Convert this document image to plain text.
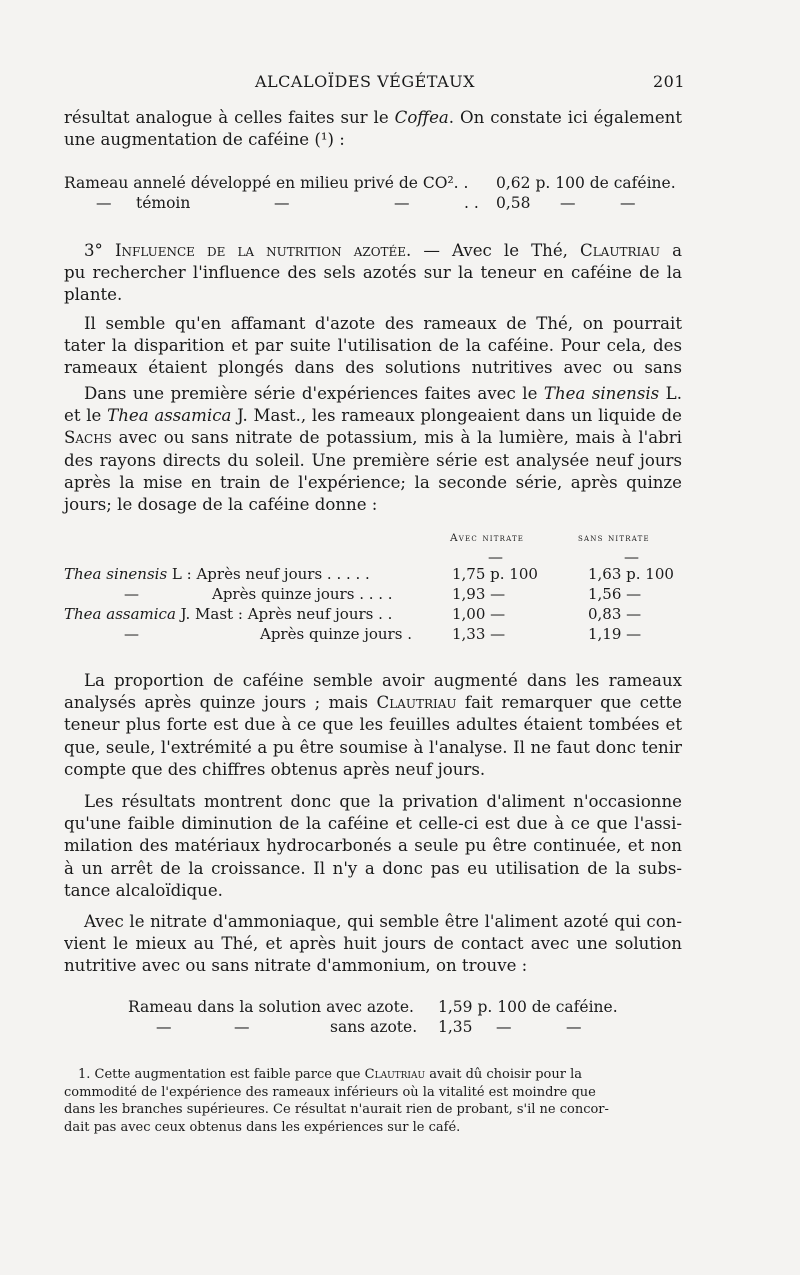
ALCALOÏDES VÉGÉTAUX	201
résultat analogue à celles faites sur le Coffea. On constate ici également
une augmentation de caféine (¹) :
Rameau annelé développé en milieu privé de CO². . 0,62 p. 100 de caféine.
— témoin	—	—	. . 0,58 —	—
3° Influence de la nutrition azotée. — Avec le Thé, Clautriau a
pu rechercher l'influence des sels azotés sur la teneur en caféine de la
plante.
Il semble qu'en affamant d'azote des rameaux de Thé, on pourrait
tater la disparition et par suite l'utilisation de la caféine. Pour cela, des
rameaux étaient plongés dans des solutions nutritives avec ou sans
Dans une première série d'expériences faites avec le Thea sinensis L.
et le Thea assamica J. Mast., les rameaux plongeaient dans un liquide de
Sachs avec ou sans nitrate de potassium, mis à la lumière, mais à l'abri
des rayons directs du soleil. Une première série est analysée neuf jours
après la mise en train de l'expérience; la seconde série, après quinze
jours; le dosage de la caféine donne :
Avec nitrate	sans nitrate
—	—
Thea sinensis L : Après neuf jours . . . . .	1,75 p. 100	1,63 p. 100
—	Après quinze jours . . . .	1,93 —	1,56 —
Thea assamica J. Mast : Après neuf jours . .	1,00 —	0,83 —
—	Après quinze jours .	1,33 —	1,19 —
La proportion de caféine semble avoir augmenté dans les rameaux
analysés après quinze jours ; mais Clautriau fait remarquer que cette
teneur plus forte est due à ce que les feuilles adultes étaient tombées et
que, seule, l'extrémité a pu être soumise à l'analyse. Il ne faut donc tenir
compte que des chiffres obtenus après neuf jours.
Les résultats montrent donc que la privation d'aliment n'occasionne
qu'une faible diminution de la caféine et celle-ci est due à ce que l'assi-
milation des matériaux hydrocarbonés a seule pu être continuée, et non
à un arrêt de la croissance. Il n'y a donc pas eu utilisation de la subs-
tance alcaloïdique.
Avec le nitrate d'ammoniaque, qui semble être l'aliment azoté qui con-
vient le mieux au Thé, et après huit jours de contact avec une solution
nutritive avec ou sans nitrate d'ammonium, on trouve :
Rameau dans la solution avec azote. 1,59 p. 100 de caféine.
—	—	sans azote. 1,35 —	—
1. Cette augmentation est faible parce que Clautriau avait dû choisir pour la
commodité de l'expérience des rameaux inférieurs où la vitalité est moindre que
dans les branches supérieures. Ce résultat n'aurait rien de probant, s'il ne concor-
dait pas avec ceux obtenus dans les expériences sur le café.
